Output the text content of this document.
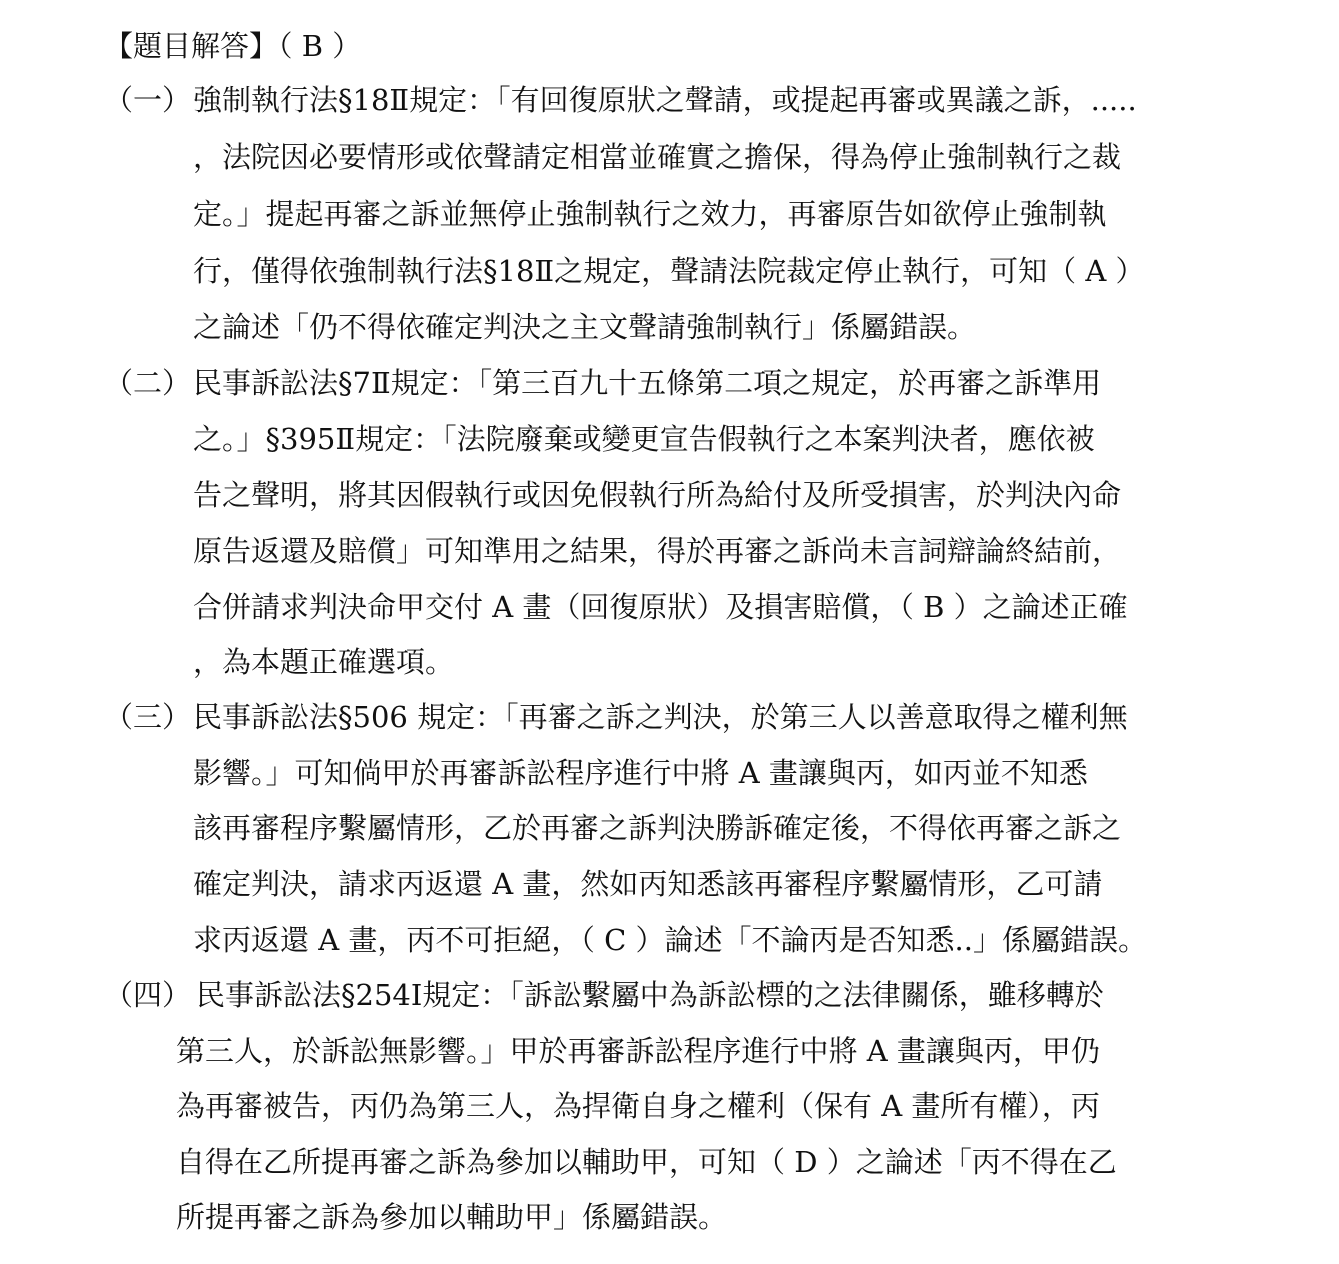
【題目解答】（ B ）
（一） 強制執行法§18Ⅱ規定：「有回復原狀之聲請，或提起再審或異議之訴，.....
，法院因必要情形或依聲請定相當並確實之擔保，得為停止強制執行之裁
定。」提起再審之訴並無停止強制執行之效力，再審原告如欲停止強制執
行，僅得依強制執行法§18Ⅱ之規定，聲請法院裁定停止執行，可知（ A ）
之論述「仍不得依確定判決之主文聲請強制執行」係屬錯誤。
（二） 民事訴訟法§7Ⅱ規定：「第三百九十五條第二項之規定，於再審之訴準用
之。」§395Ⅱ規定：「法院廢棄或變更宣告假執行之本案判決者，應依被
告之聲明，將其因假執行或因免假執行所為給付及所受損害，於判決內命
原告返還及賠償」可知準用之結果，得於再審之訴尚未言詞辯論終結前，
合併請求判決命甲交付 A 畫（回復原狀）及損害賠償，（ B ）之論述正確
，為本題正確選項。
（三） 民事訴訟法§506 規定：「再審之訴之判決，於第三人以善意取得之權利無
影響。」可知倘甲於再審訴訟程序進行中將 A 畫讓與丙，如丙並不知悉
該再審程序繫屬情形，乙於再審之訴判決勝訴確定後，不得依再審之訴之
確定判決，請求丙返還 A 畫，然如丙知悉該再審程序繫屬情形，乙可請
求丙返還 A 畫，丙不可拒絕，（ C ）論述「不論丙是否知悉..」係屬錯誤。
（四） 民事訴訟法§254Ⅰ規定：「訴訟繫屬中為訴訟標的之法律關係，雖移轉於
第三人，於訴訟無影響。」甲於再審訴訟程序進行中將 A 畫讓與丙，甲仍
為再審被告，丙仍為第三人，為捍衛自身之權利（保有 A 畫所有權），丙
自得在乙所提再審之訴為參加以輔助甲，可知（ D ）之論述「丙不得在乙
所提再審之訴為參加以輔助甲」係屬錯誤。
